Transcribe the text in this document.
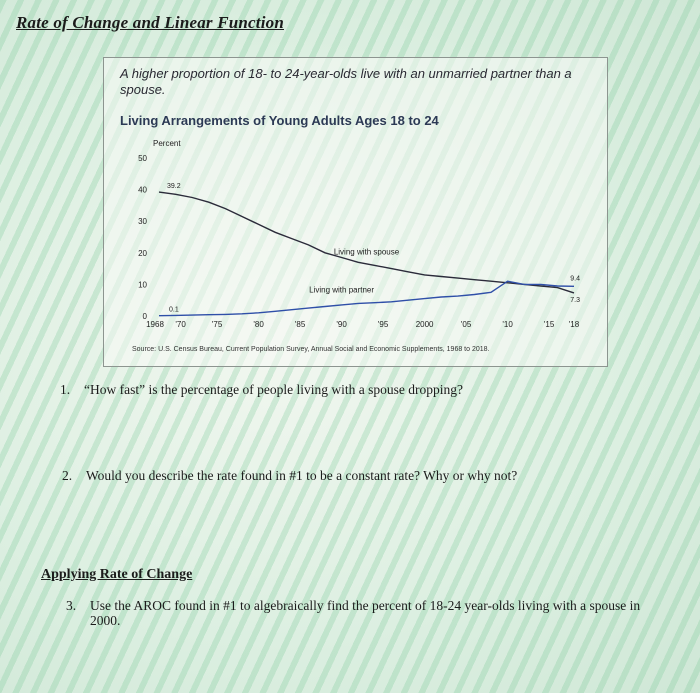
Rate of Change and Linear Function
A higher proportion of 18- to 24-year-olds live with an unmarried partner than a spouse.
Living Arrangements of Young Adults Ages 18 to 24
Percent
0
10
20
30
40
50
1968 '70	'75	'80	'85	'90	'95	2000	'05	'10	'15 '18
Living with spouse
Living with partner
39.2
0.1
9.4
7.3
Source: U.S. Census Bureau, Current Population Survey, Annual Social and Economic Supplements, 1968 to 2018.
1. “How fast” is the percentage of people living with a spouse dropping?
2. Would you describe the rate found in #1 to be a constant rate? Why or why not?
Applying Rate of Change
3. Use the AROC found in #1 to algebraically find the percent of 18-24 year-olds living with a spouse in 2000.
